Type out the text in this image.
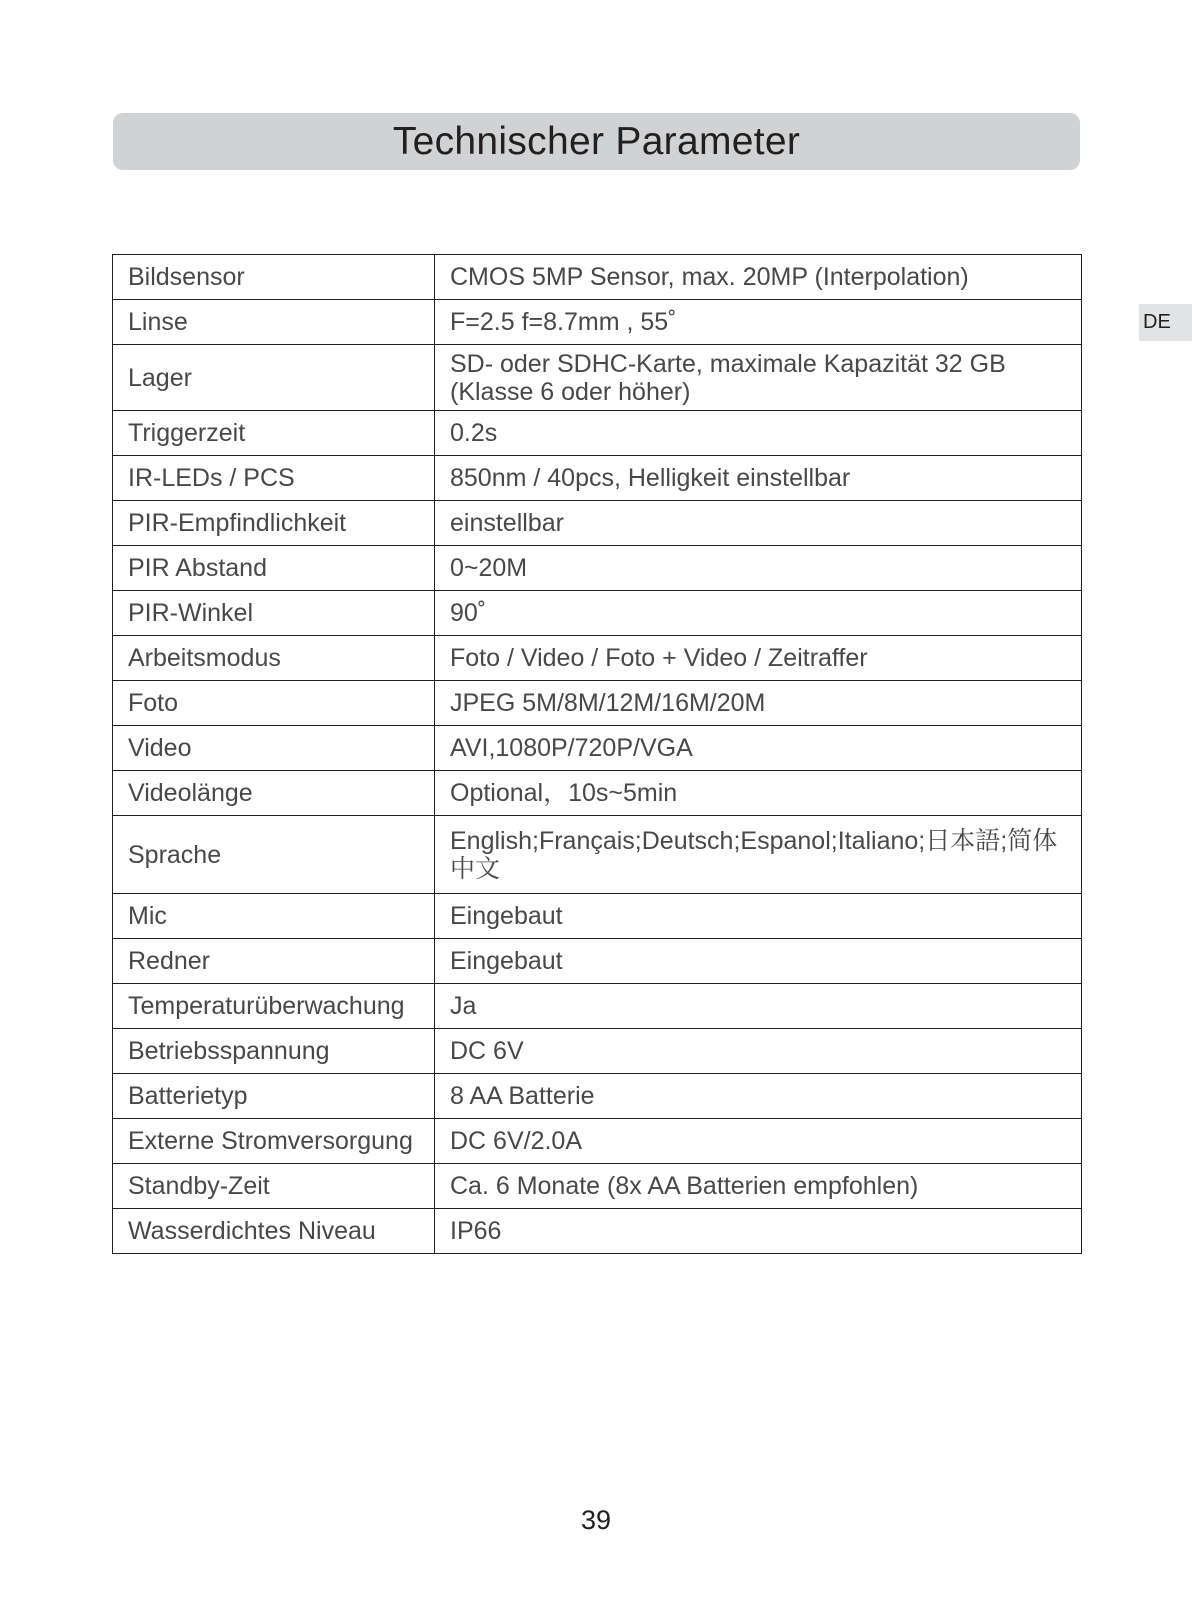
Technischer Parameter
DE
Bildsensor	CMOS 5MP Sensor, max. 20MP (Interpolation)
Linse	F=2.5 f=8.7mm , 55˚
Lager	SD- oder SDHC-Karte, maximale Kapazität 32 GB (Klasse 6 oder höher)
Triggerzeit	0.2s
IR-LEDs / PCS	850nm / 40pcs, Helligkeit einstellbar
PIR-Empfindlichkeit	einstellbar
PIR Abstand	0~20M
PIR-Winkel	90˚
Arbeitsmodus	Foto / Video / Foto + Video / Zeitraffer
Foto	JPEG 5M/8M/12M/16M/20M
Video	AVI,1080P/720P/VGA
Videolänge	Optional，10s~5min
Sprache	English;Français;Deutsch;Espanol;Italiano;日本語;简体中文
Mic	Eingebaut
Redner	Eingebaut
Temperaturüberwachung	Ja
Betriebsspannung	DC 6V
Batterietyp	8 AA Batterie
Externe Stromversorgung	DC 6V/2.0A
Standby-Zeit	Ca. 6 Monate (8x AA Batterien empfohlen)
Wasserdichtes Niveau	IP66
39
